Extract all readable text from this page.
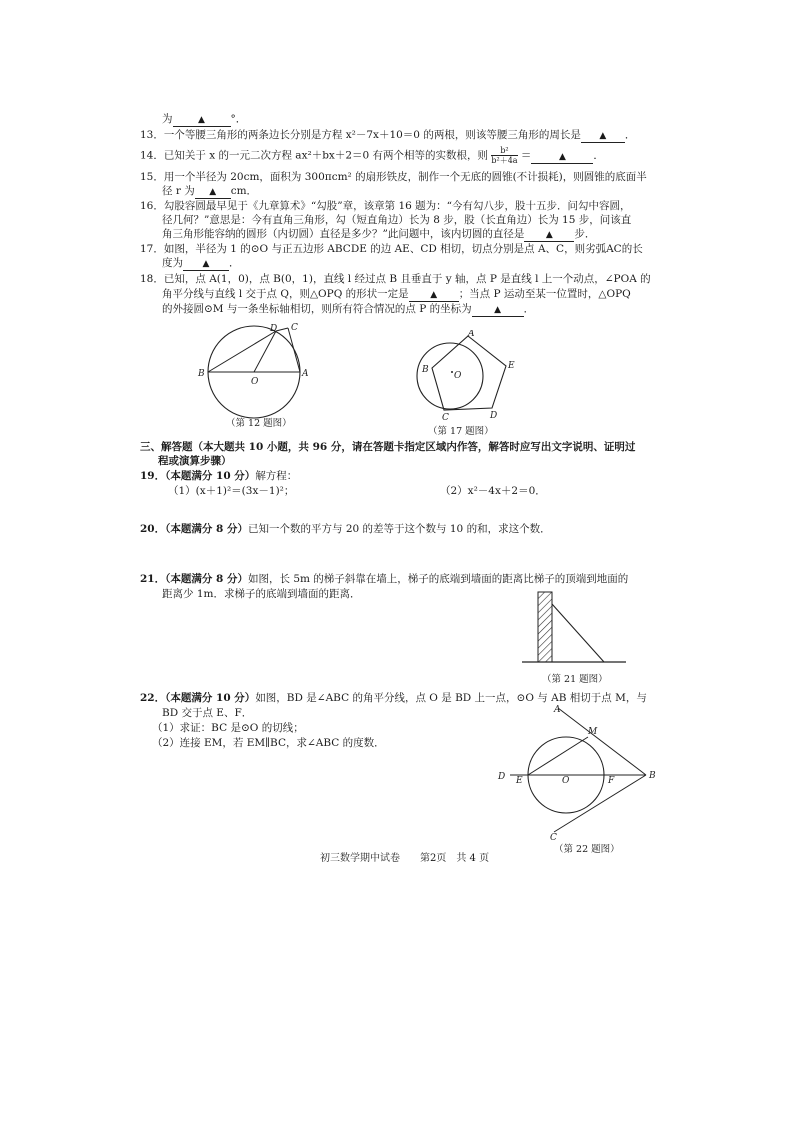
为	▲ °．
13．一个等腰三角形的两条边长分别是方程 x²－7x＋10＝0 的两根，则该等腰三角形的周长是 ▲ ．
14．已知关于 x 的一元二次方程 ax²＋bx＋2＝0 有两个相等的实数根，则 $\frac{\text{b²}}{\text{b²＋4a}}$ ＝	▲	．
15．用一个半径为 20cm，面积为 300πcm² 的扇形铁皮，制作一个无底的圆锥(不计损耗)，则圆锥的底面半
径 r 为 ▲ cm．
16．勾股容圆最早见于《九章算术》“勾股”章，该章第 16 题为：“今有勾八步，股十五步．问勾中容圆，
径几何？”意思是：今有直角三角形，勾（短直角边）长为 8 步，股（长直角边）长为 15 步，问该直
角三角形能容纳的圆形（内切圆）直径是多少？”此问题中，该内切圆的直径是 ▲ 步．
17．如图，半径为 1 的⊙O 与正五边形 ABCDE 的边 AE、CD 相切，切点分别是点 A、C，则劣弧AC的长
度为 ▲ ．
18．已知，点 A(1，0)，点 B(0，1)，直线 l 经过点 B 且垂直于 y 轴，点 P 是直线 l 上一个动点，∠POA 的
角平分线与直线 l 交于点 Q，则△OPQ 的形状一定是 ▲ ；当点 P 运动至某一位置时，△OPQ
的外接圆⊙M 与一条坐标轴相切，则所有符合情况的点 P 的坐标为	▲ ．
D C
B
O
A
（第 12 题图）
A
B
O
E
C	D
（第 17 题图）
三、解答题（本大题共 10 小题，共 96 分，请在答题卡指定区域内作答，解答时应写出文字说明、证明过
程或演算步骤）
19．（本题满分 10 分）解方程：
（1）(x＋1)²＝(3x－1)²；	（2）x²－4x＋2＝0．
20．（本题满分 8 分）已知一个数的平方与 20 的差等于这个数与 10 的和，求这个数．
21．（本题满分 8 分）如图，长 5m 的梯子斜靠在墙上，梯子的底端到墙面的距离比梯子的顶端到地面的
距离少 1m．求梯子的底端到墙面的距离．
（第 21 题图）
22．（本题满分 10 分）如图，BD 是∠ABC 的角平分线，点 O 是 BD 上一点，⊙O 与 AB 相切于点 M，与
BD 交于点 E、F．
（1）求证：BC 是⊙O 的切线；
（2）连接 EM，若 EM∥BC，求∠ABC 的度数．
A
M
D E	O	F	B
C
（第 22 题图）
初三数学期中试卷　　 第2页　共 4 页
